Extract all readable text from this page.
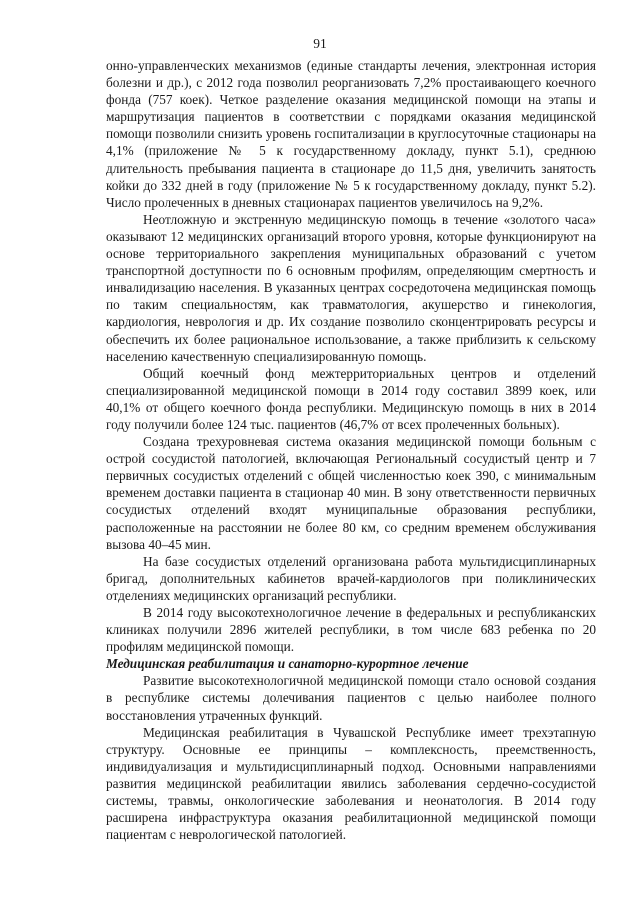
91

онно-управленческих механизмов (единые стандарты лечения, электронная история болезни и др.), с 2012 года позволил реорганизовать 7,2% простаивающего коечного фонда (757 коек). Четкое разделение оказания медицинской помощи на этапы и маршрутизация пациентов в соответствии с порядками оказания медицинской помощи позволили снизить уровень госпитализации в круглосуточные стационары на 4,1% (приложение № 5 к государственному докладу, пункт 5.1), среднюю длительность пребывания пациента в стационаре до 11,5 дня, увеличить занятость койки до 332 дней в году (приложение № 5 к государственному докладу, пункт 5.2). Число пролеченных в дневных стационарах пациентов увеличилось на 9,2%.

Неотложную и экстренную медицинскую помощь в течение «золотого часа» оказывают 12 медицинских организаций второго уровня, которые функционируют на основе территориального закрепления муниципальных образований с учетом транспортной доступности по 6 основным профилям, определяющим смертность и инвалидизацию населения. В указанных центрах сосредоточена медицинская помощь по таким специальностям, как травматология, акушерство и гинекология, кардиология, неврология и др. Их создание позволило сконцентрировать ресурсы и обеспечить их более рациональное использование, а также приблизить к сельскому населению качественную специализированную помощь.

Общий коечный фонд межтерриториальных центров и отделений специализированной медицинской помощи в 2014 году составил 3899 коек, или 40,1% от общего коечного фонда республики. Медицинскую помощь в них в 2014 году получили более 124 тыс. пациентов (46,7% от всех пролеченных больных).

Создана трехуровневая система оказания медицинской помощи больным с острой сосудистой патологией, включающая Региональный сосудистый центр и 7 первичных сосудистых отделений с общей численностью коек 390, с минимальным временем доставки пациента в стационар 40 мин. В зону ответственности первичных сосудистых отделений входят муниципальные образования республики, расположенные на расстоянии не более 80 км, со средним временем обслуживания вызова 40–45 мин.

На базе сосудистых отделений организована работа мультидисциплинарных бригад, дополнительных кабинетов врачей-кардиологов при поликлинических отделениях медицинских организаций республики.

В 2014 году высокотехнологичное лечение в федеральных и республиканских клиниках получили 2896 жителей республики, в том числе 683 ребенка по 20 профилям медицинской помощи.

Медицинская реабилитация и санаторно-курортное лечение

Развитие высокотехнологичной медицинской помощи стало основой создания в республике системы долечивания пациентов с целью наиболее полного восстановления утраченных функций.

Медицинская реабилитация в Чувашской Республике имеет трехэтапную структуру. Основные ее принципы – комплексность, преемственность, индивидуализация и мультидисциплинарный подход. Основными направлениями развития медицинской реабилитации явились заболевания сердечно-сосудистой системы, травмы, онкологические заболевания и неонатология. В 2014 году расширена инфраструктура оказания реабилитационной медицинской помощи пациентам с неврологической патологией.
